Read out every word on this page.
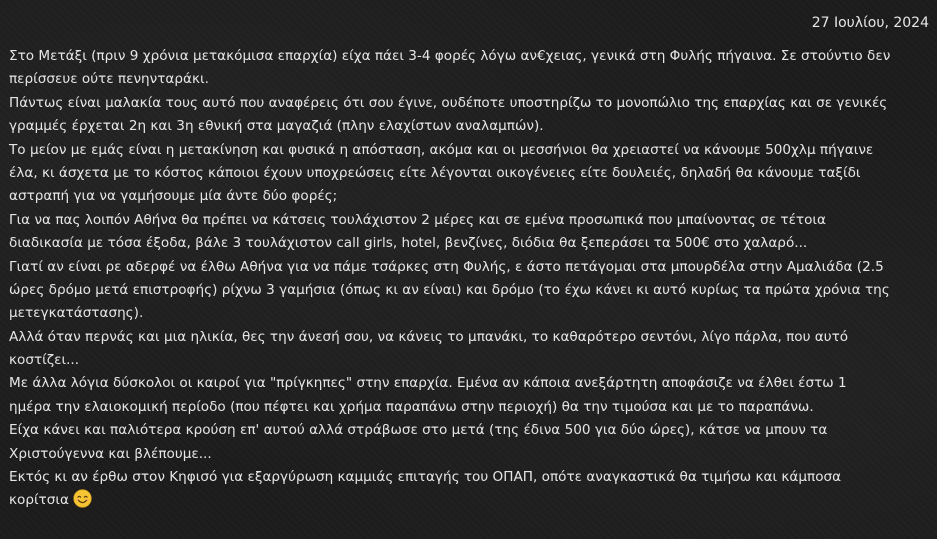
27 Ιουλίου, 2024
Στο Μετάξι (πριν 9 χρόνια μετακόμισα επαρχία) είχα πάει 3-4 φορές λόγω αν€χειας, γενικά στη Φυλής πήγαινα. Σε στούντιο δεν
περίσσευε ούτε πενηνταράκι.
Πάντως είναι μαλακία τους αυτό που αναφέρεις ότι σου έγινε, ουδέποτε υποστηρίζω το μονοπώλιο της επαρχίας και σε γενικές
γραμμές έρχεται 2η και 3η εθνική στα μαγαζιά (πλην ελαχίστων αναλαμπών).
Το μείον με εμάς είναι η μετακίνηση και φυσικά η απόσταση, ακόμα και οι μεσσήνιοι θα χρειαστεί να κάνουμε 500χλμ πήγαινε
έλα, κι άσχετα με το κόστος κάποιοι έχουν υποχρεώσεις είτε λέγονται οικογένειες είτε δουλειές, δηλαδή θα κάνουμε ταξίδι
αστραπή για να γαμήσουμε μία άντε δύο φορές;
Για να πας λοιπόν Αθήνα θα πρέπει να κάτσεις τουλάχιστον 2 μέρες και σε εμένα προσωπικά που μπαίνοντας σε τέτοια
διαδικασία με τόσα έξοδα, βάλε 3 τουλάχιστον call girls, hotel, βενζίνες, διόδια θα ξεπεράσει τα 500€ στο χαλαρό...
Γιατί αν είναι ρε αδερφέ να έλθω Αθήνα για να πάμε τσάρκες στη Φυλής, ε άστο πετάγομαι στα μπουρδέλα στην Αμαλιάδα (2.5
ώρες δρόμο μετά επιστροφής) ρίχνω 3 γαμήσια (όπως κι αν είναι) και δρόμο (το έχω κάνει κι αυτό κυρίως τα πρώτα χρόνια της
μετεγκατάστασης).
Αλλά όταν περνάς και μια ηλικία, θες την άνεσή σου, να κάνεις το μπανάκι, το καθαρότερο σεντόνι, λίγο πάρλα, που αυτό
κοστίζει...
Με άλλα λόγια δύσκολοι οι καιροί για "πρίγκηπες" στην επαρχία. Εμένα αν κάποια ανεξάρτητη αποφάσιζε να έλθει έστω 1
ημέρα την ελαιοκομική περίοδο (που πέφτει και χρήμα παραπάνω στην περιοχή) θα την τιμούσα και με το παραπάνω.
Είχα κάνει και παλιότερα κρούση επ' αυτού αλλά στράβωσε στο μετά (της έδινα 500 για δύο ώρες), κάτσε να μπουν τα
Χριστούγεννα και βλέπουμε...
Εκτός κι αν έρθω στον Κηφισό για εξαργύρωση καμμιάς επιταγής του ΟΠΑΠ, οπότε αναγκαστικά θα τιμήσω και κάμποσα
κορίτσια
